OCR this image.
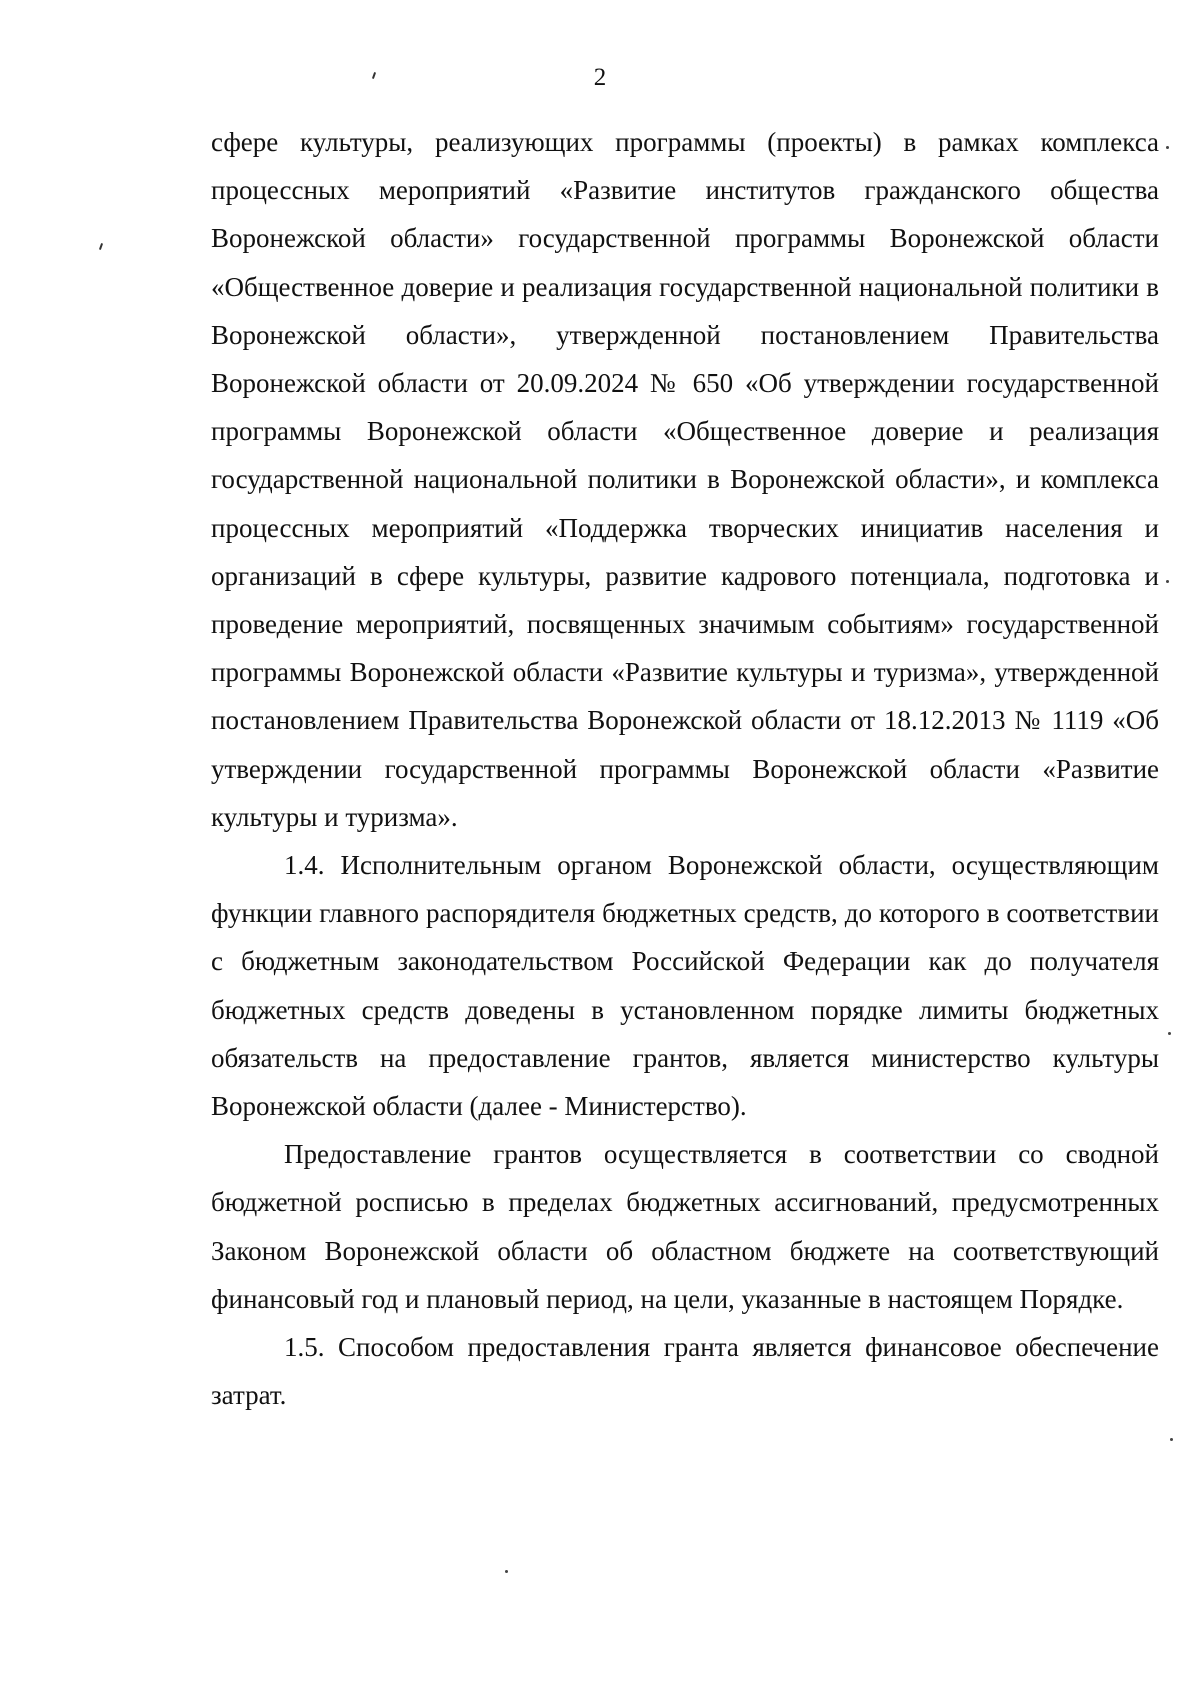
2

сфере культуры, реализующих программы (проекты) в рамках комплекса процессных мероприятий «Развитие институтов гражданского общества Воронежской области» государственной программы Воронежской области «Общественное доверие и реализация государственной национальной политики в Воронежской области», утвержденной постановлением Правительства Воронежской области от 20.09.2024 № 650 «Об утверждении государственной программы Воронежской области «Общественное доверие и реализация государственной национальной политики в Воронежской области», и комплекса процессных мероприятий «Поддержка творческих инициатив населения и организаций в сфере культуры, развитие кадрового потенциала, подготовка и проведение мероприятий, посвященных значимым событиям» государственной программы Воронежской области «Развитие культуры и туризма», утвержденной постановлением Правительства Воронежской области от 18.12.2013 № 1119 «Об утверждении государственной программы Воронежской области «Развитие культуры и туризма».

1.4. Исполнительным органом Воронежской области, осуществляющим функции главного распорядителя бюджетных средств, до которого в соответствии с бюджетным законодательством Российской Федерации как до получателя бюджетных средств доведены в установленном порядке лимиты бюджетных обязательств на предоставление грантов, является министерство культуры Воронежской области (далее - Министерство).

Предоставление грантов осуществляется в соответствии со сводной бюджетной росписью в пределах бюджетных ассигнований, предусмотренных Законом Воронежской области об областном бюджете на соответствующий финансовый год и плановый период, на цели, указанные в настоящем Порядке.

1.5. Способом предоставления гранта является финансовое обеспечение затрат.
